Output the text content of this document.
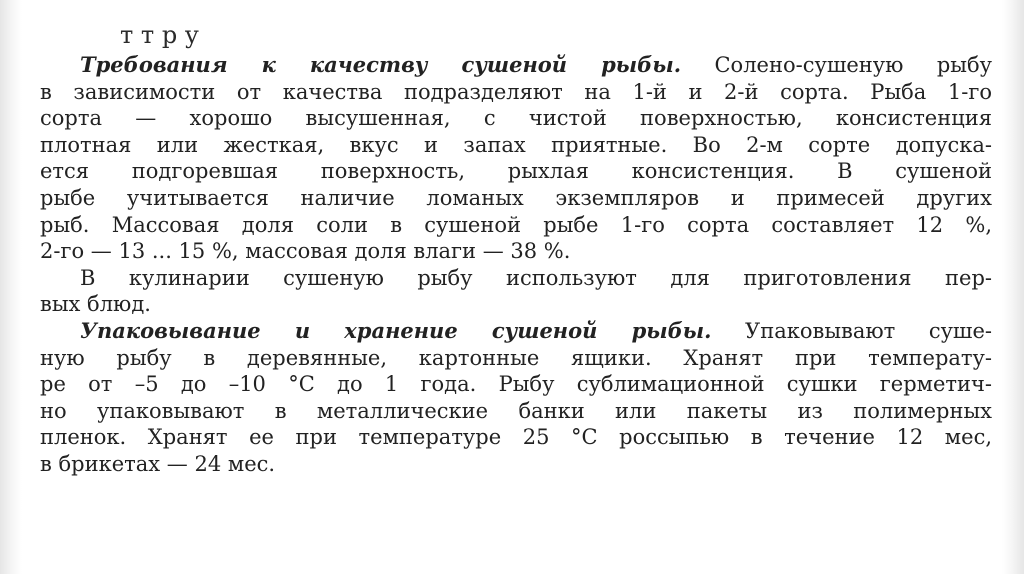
т т р у
Требования к качеству сушеной рыбы. Солено-сушеную рыбу
в зависимости от качества подразделяют на 1-й и 2-й сорта. Рыба 1-го
сорта — хорошо высушенная, с чистой поверхностью, консистенция
плотная или жесткая, вкус и запах приятные. Во 2-м сорте допуска-
ется подгоревшая поверхность, рыхлая консистенция. В сушеной
рыбе учитывается наличие ломаных экземпляров и примесей других
рыб. Массовая доля соли в сушеной рыбе 1-го сорта составляет 12 %,
2-го — 13 ... 15 %, массовая доля влаги — 38 %.
В кулинарии сушеную рыбу используют для приготовления пер-
вых блюд.
Упаковывание и хранение сушеной рыбы. Упаковывают суше-
ную рыбу в деревянные, картонные ящики. Хранят при температу-
ре от –5 до –10 °С до 1 года. Рыбу сублимационной сушки герметич-
но упаковывают в металлические банки или пакеты из полимерных
пленок. Хранят ее при температуре 25 °С россыпью в течение 12 мес,
в брикетах — 24 мес.
